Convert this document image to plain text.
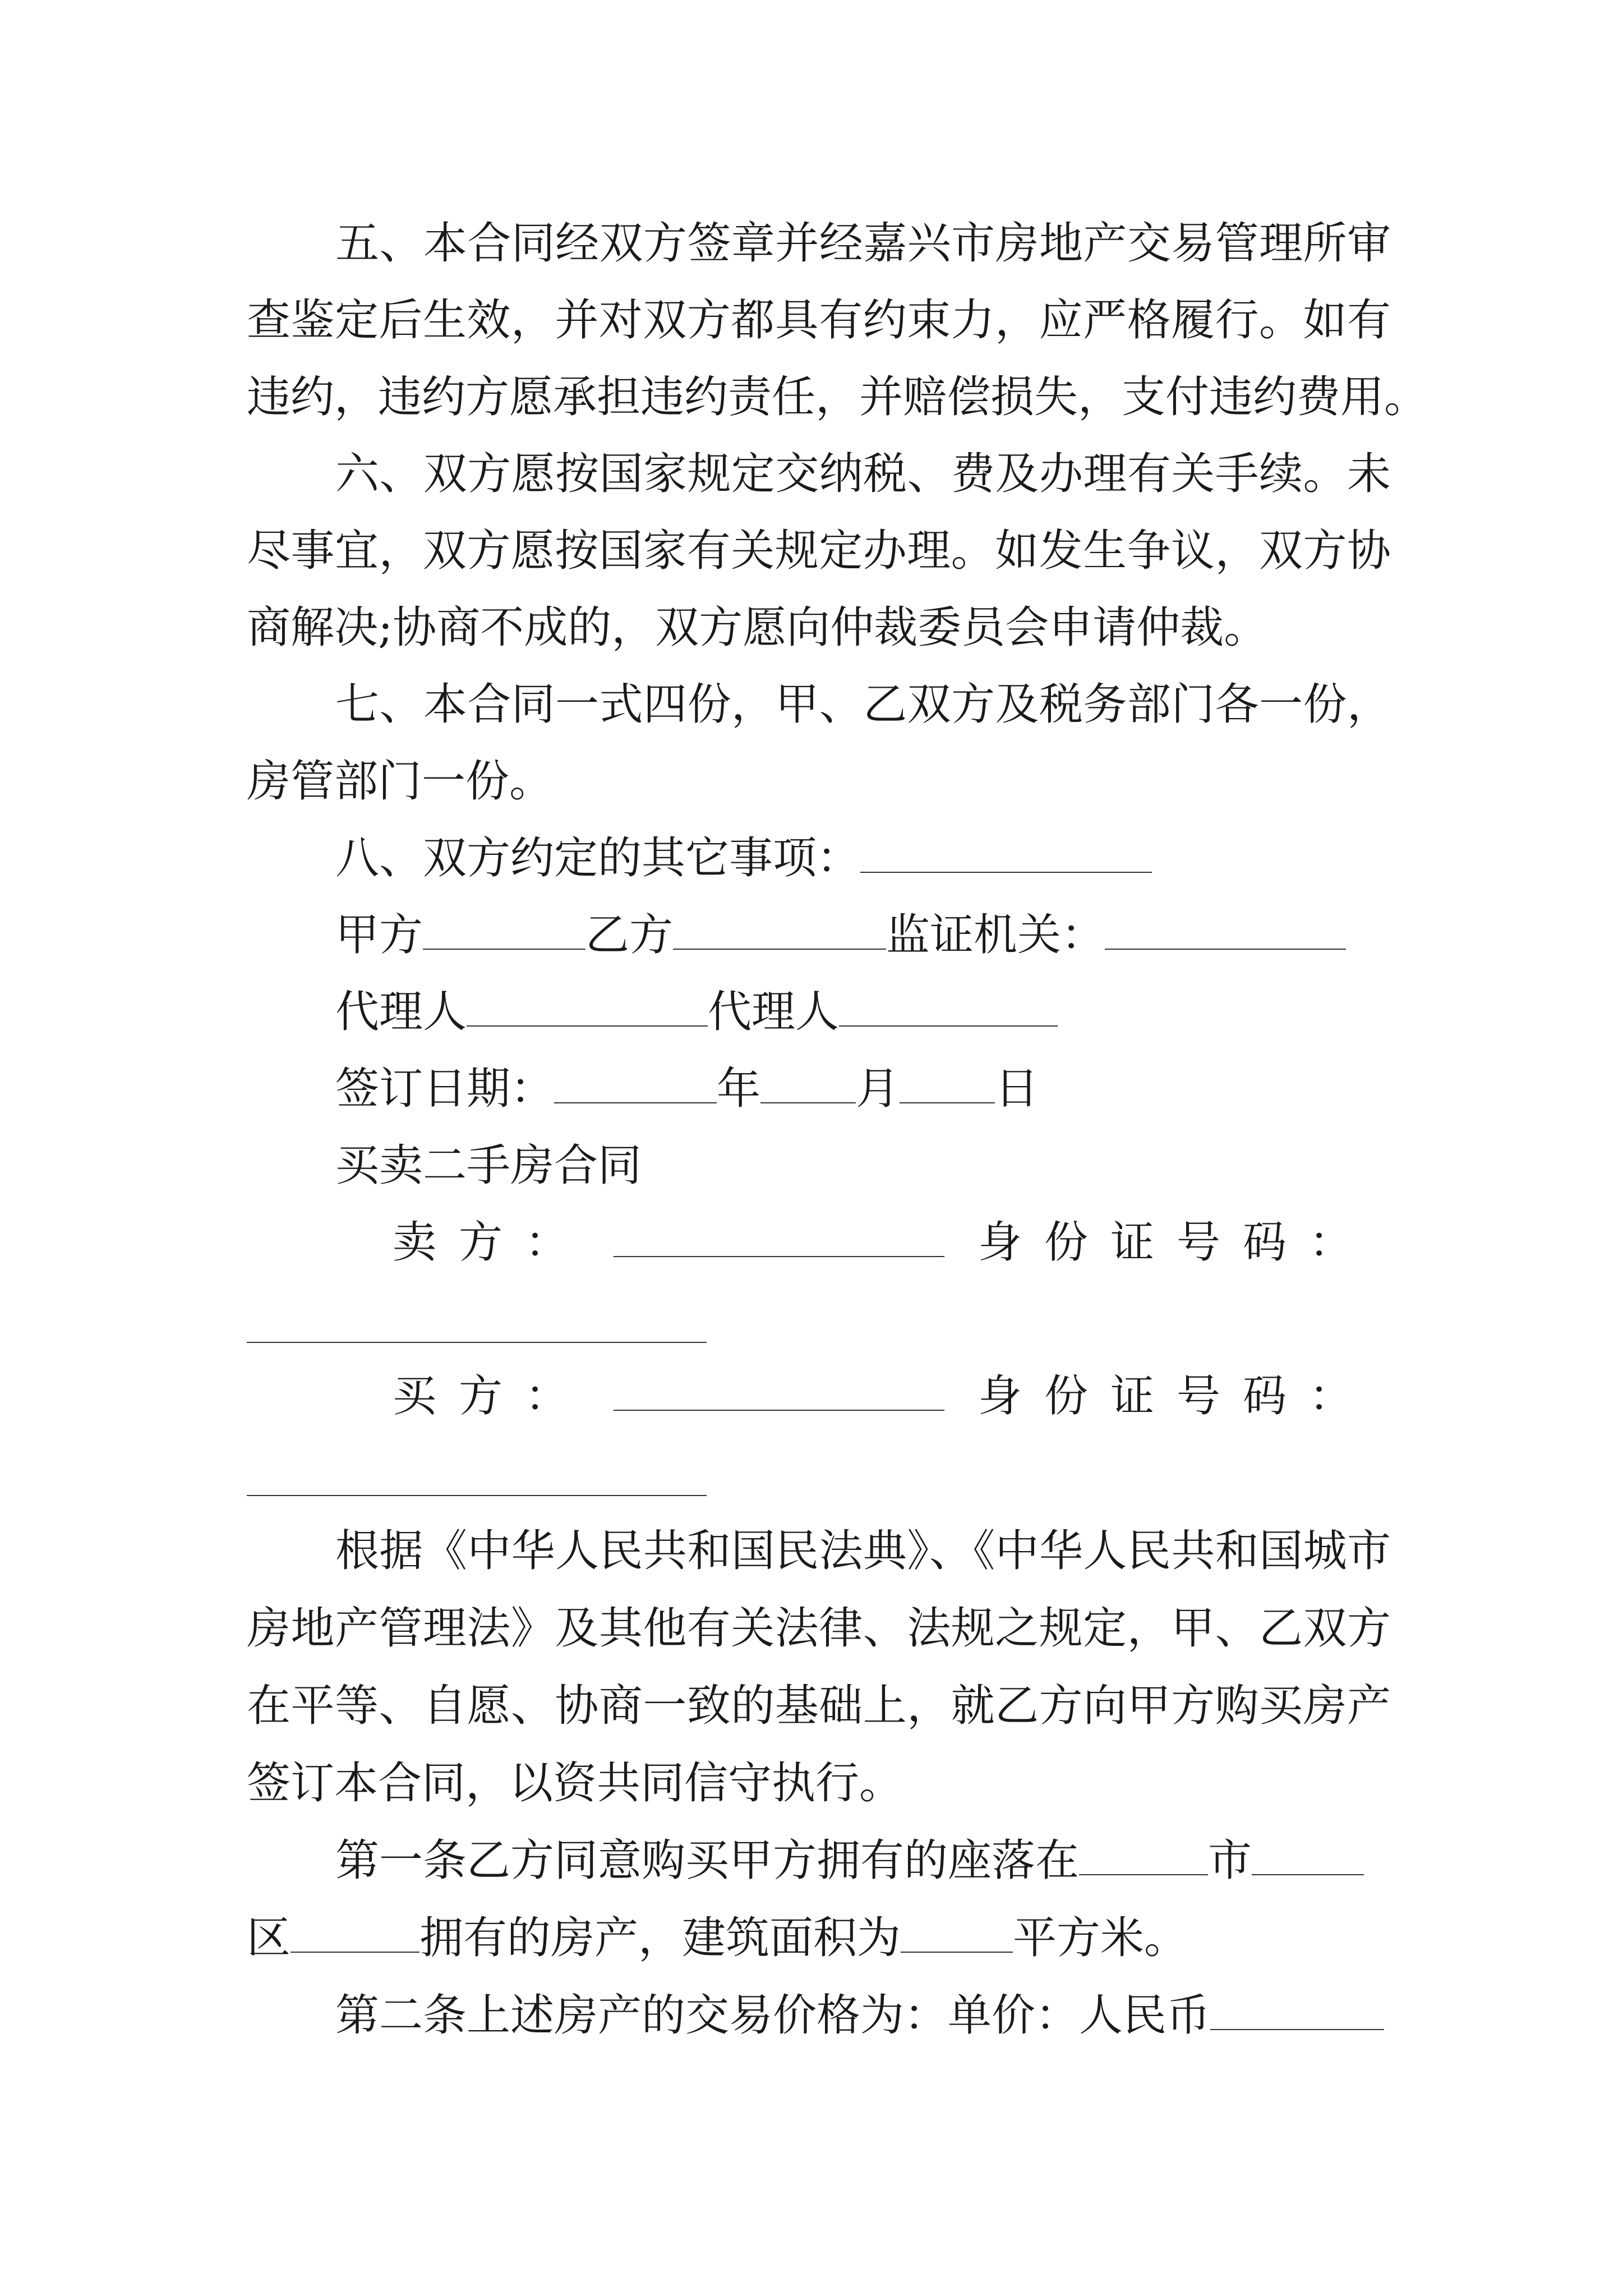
五、本合同经双方签章并经嘉兴市房地产交易管理所审
查鉴定后生效，并对双方都具有约束力，应严格履行。如有
违约，违约方愿承担违约责任，并赔偿损失，支付违约费用。
六、双方愿按国家规定交纳税、费及办理有关手续。未
尽事宜，双方愿按国家有关规定办理。如发生争议，双方协
商解决;协商不成的，双方愿向仲裁委员会申请仲裁。
七、本合同一式四份，甲、乙双方及税务部门各一份，
房管部门一份。
八、双方约定的其它事项：
甲方	乙方	监证机关：
代理人	代理人
签订日期：	年 月 日
买卖二手房合同
卖方：	身份证号码：
买方：	身份证号码：
根据《中华人民共和国民法典》、《中华人民共和国城市
房地产管理法》及其他有关法律、法规之规定，甲、乙双方
在平等、自愿、协商一致的基础上，就乙方向甲方购买房产
签订本合同，以资共同信守执行。
第一条乙方同意购买甲方拥有的座落在	市
区	拥有的房产，建筑面积为	平方米。
第二条上述房产的交易价格为：单价：人民币
